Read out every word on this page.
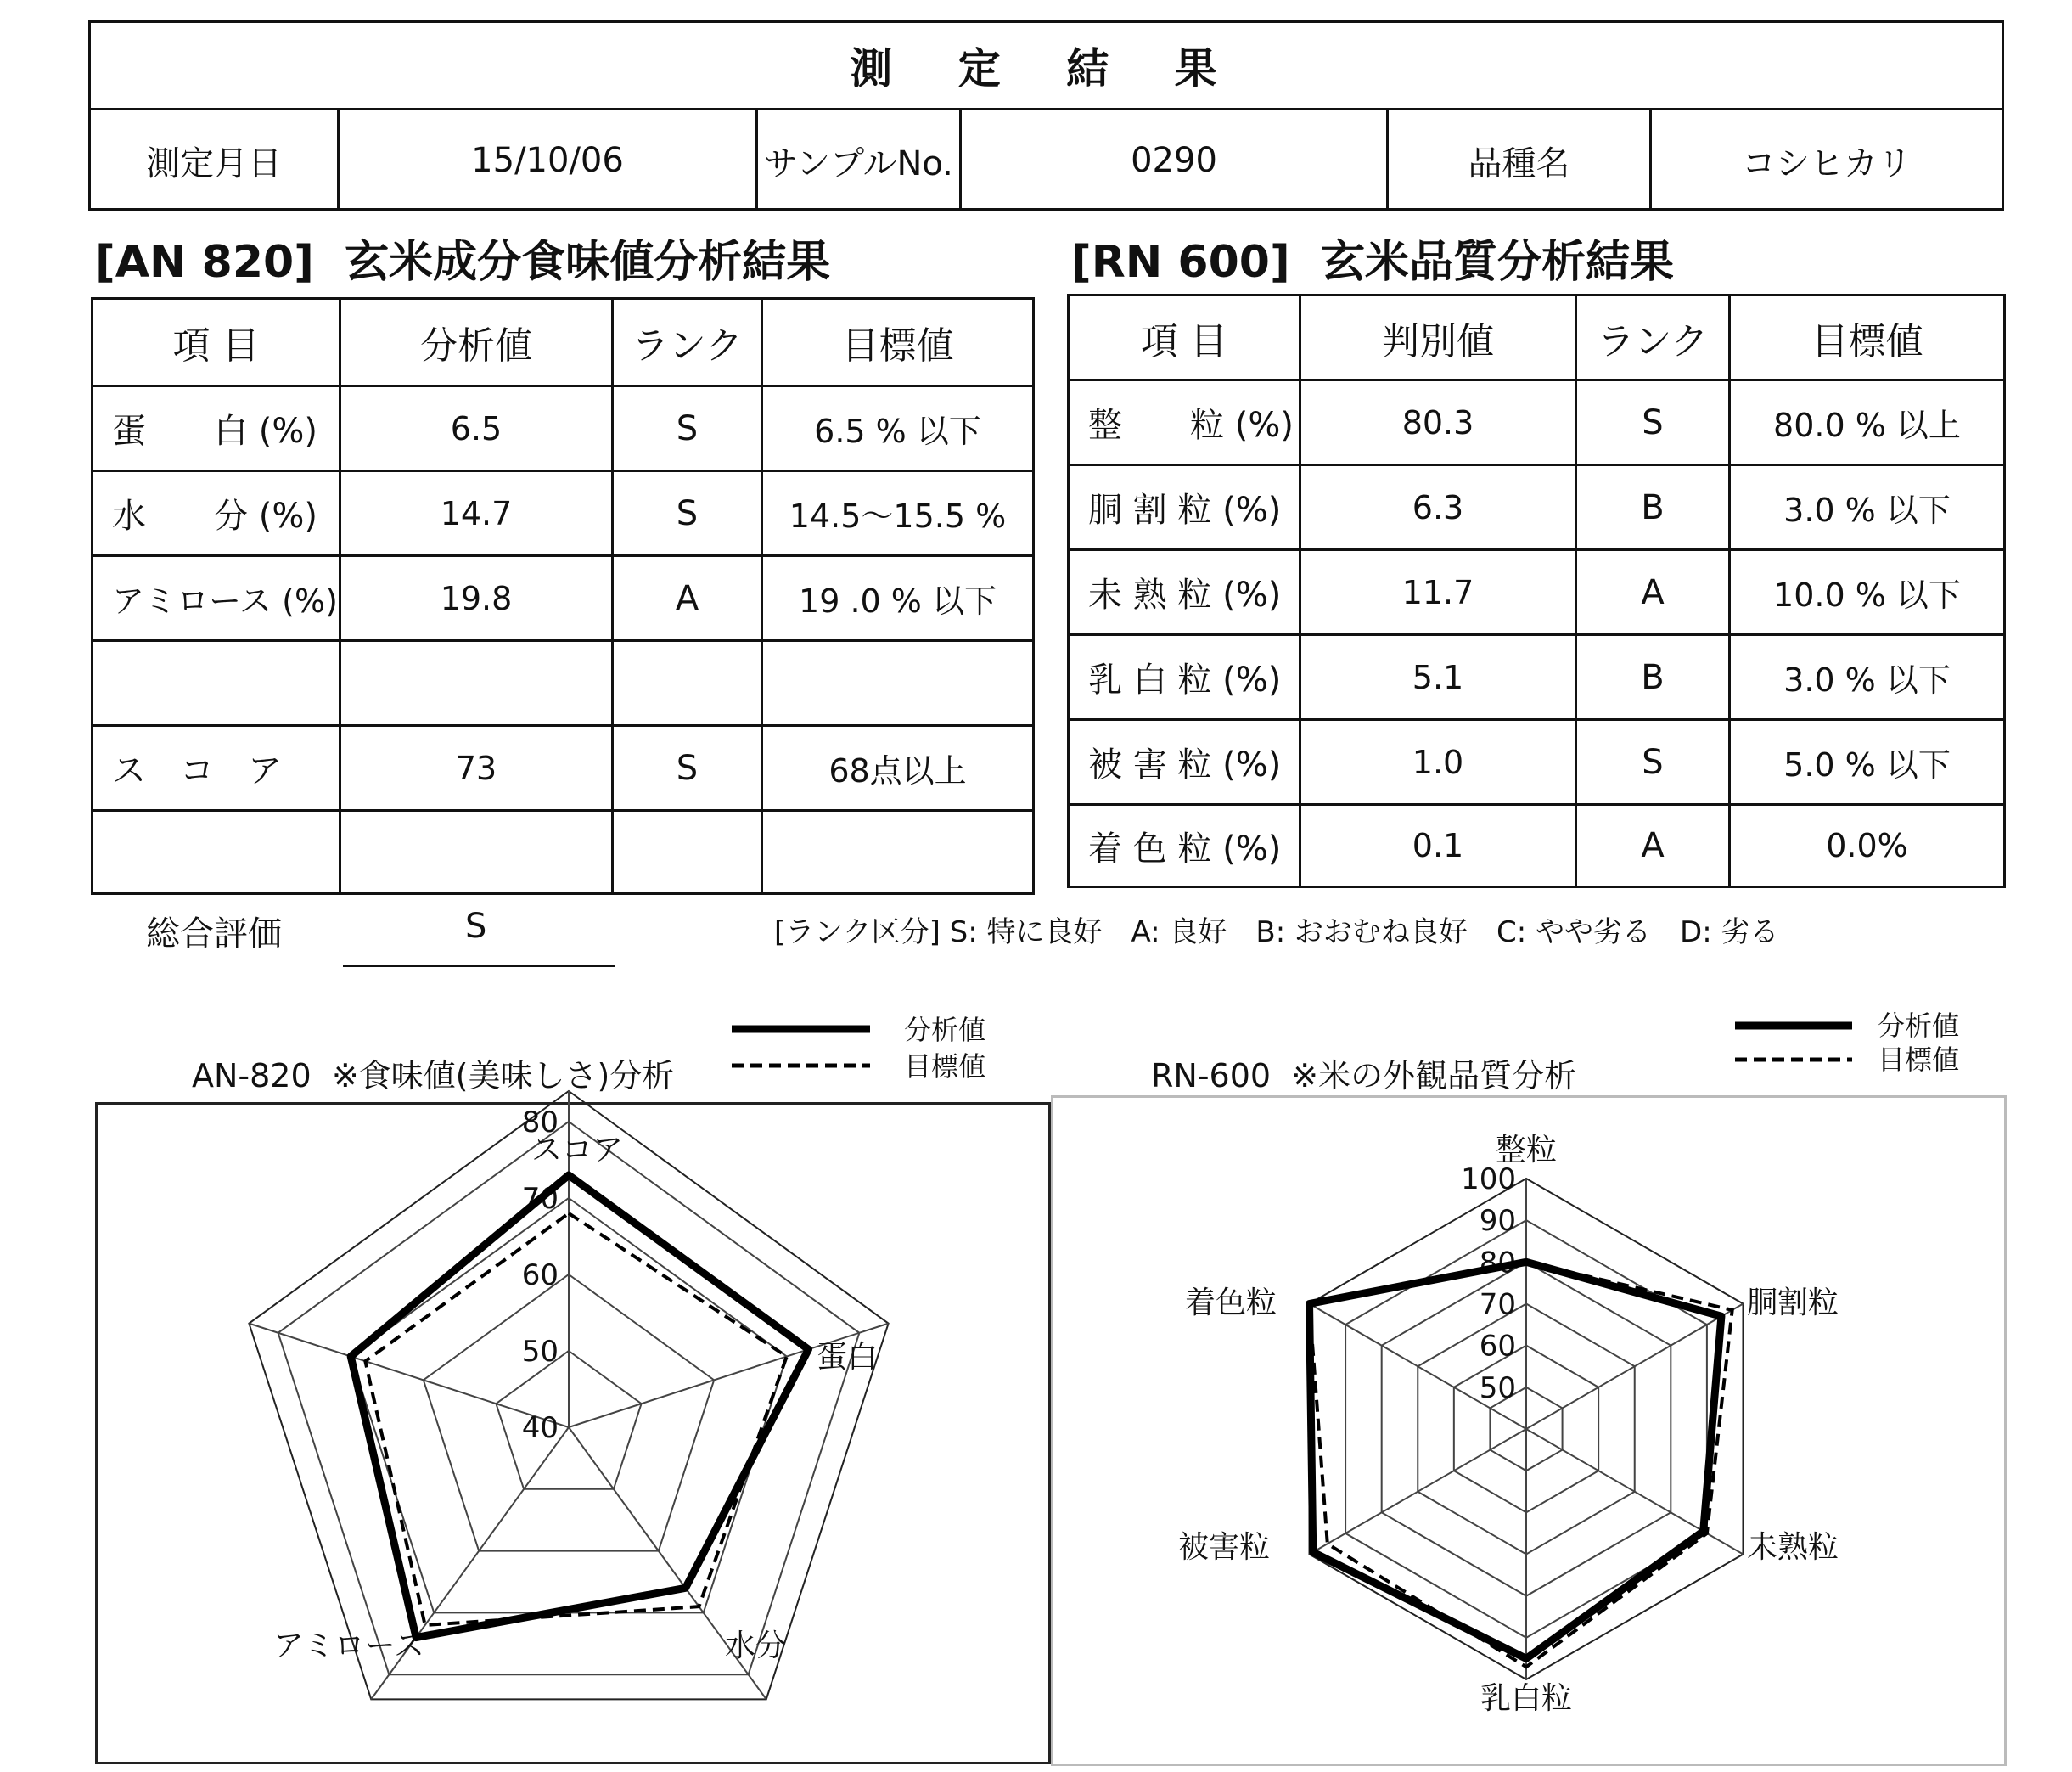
測 定 結 果
測定月日	15/10/06	サンプルNo.	0290	品種名	コシヒカリ
[AN 820]  玄米成分食味値分析結果	[RN 600]  玄米品質分析結果
項 目	分析値	ランク	目標値
蛋　　白 (%)	6.5	S	6.5 % 以下
水　　分 (%)	14.7	S	14.5〜15.5 %
アミロース (%)	19.8	A	19 .0 % 以下
ス　コ　ア	73	S	68点以上
項 目	判別値	ランク	目標値
整　　粒 (%)	80.3	S	80.0 % 以上
胴 割 粒 (%)	6.3	B	3.0 % 以下
未 熟 粒 (%)	11.7	A	10.0 % 以下
乳 白 粒 (%)	5.1	B	3.0 % 以下
被 害 粒 (%)	1.0	S	5.0 % 以下
着 色 粒 (%)	0.1	A	0.0%
総合評価	S	[ランク区分] S: 特に良好　A: 良好　B: おおむね良好　C: やや劣る　D: 劣る
AN-820  ※食味値(美味しさ)分析
分析値
目標値	RN-600  ※米の外観品質分析
分析値
目標値
80
70
60
50
40
スコア
蛋白
水分
アミロース
100
90
80
70
60
50
整粒
胴割粒
未熟粒
乳白粒
被害粒
着色粒
